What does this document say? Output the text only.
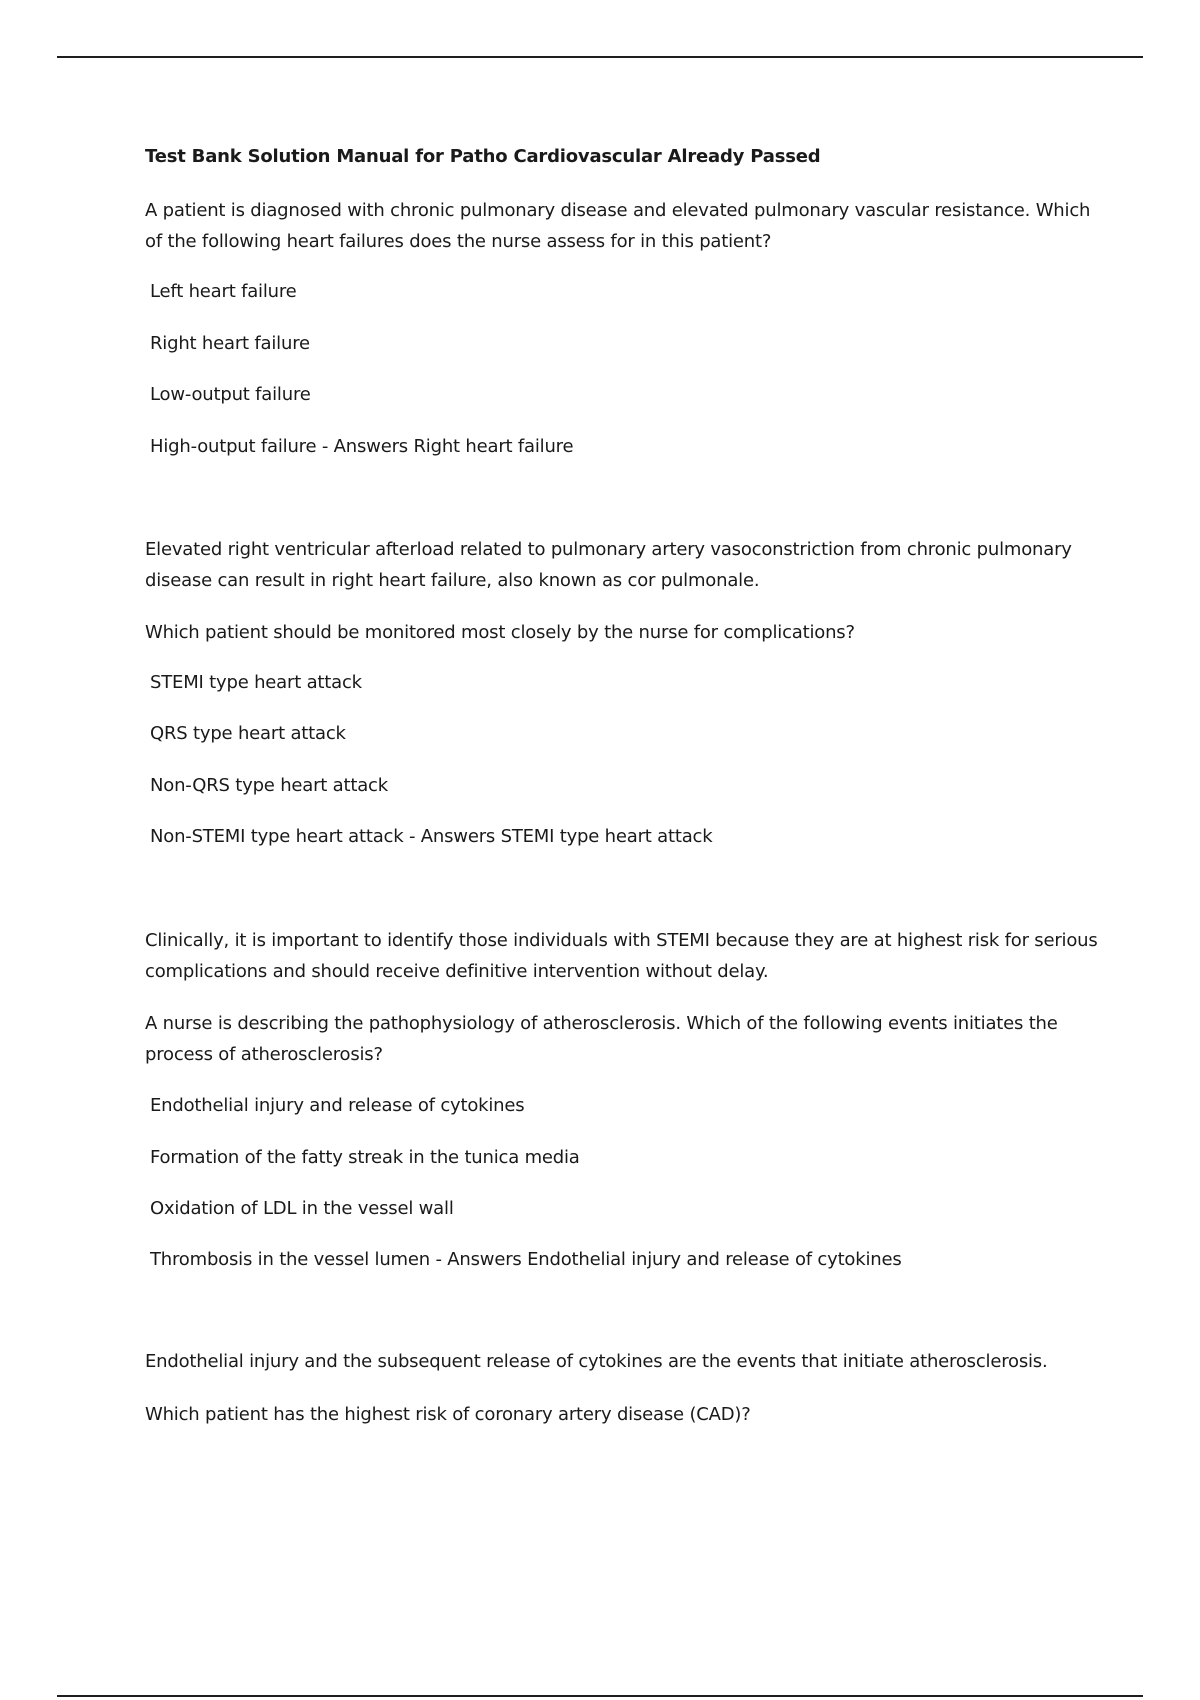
Test Bank Solution Manual for Patho Cardiovascular Already Passed
A patient is diagnosed with chronic pulmonary disease and elevated pulmonary vascular resistance. Which of the following heart failures does the nurse assess for in this patient?
Left heart failure
Right heart failure
Low-output failure
High-output failure - Answers Right heart failure
Elevated right ventricular afterload related to pulmonary artery vasoconstriction from chronic pulmonary disease can result in right heart failure, also known as cor pulmonale.
Which patient should be monitored most closely by the nurse for complications?
STEMI type heart attack
QRS type heart attack
Non-QRS type heart attack
Non-STEMI type heart attack - Answers STEMI type heart attack
Clinically, it is important to identify those individuals with STEMI because they are at highest risk for serious complications and should receive definitive intervention without delay.
A nurse is describing the pathophysiology of atherosclerosis. Which of the following events initiates the process of atherosclerosis?
Endothelial injury and release of cytokines
Formation of the fatty streak in the tunica media
Oxidation of LDL in the vessel wall
Thrombosis in the vessel lumen - Answers Endothelial injury and release of cytokines
Endothelial injury and the subsequent release of cytokines are the events that initiate atherosclerosis.
Which patient has the highest risk of coronary artery disease (CAD)?
